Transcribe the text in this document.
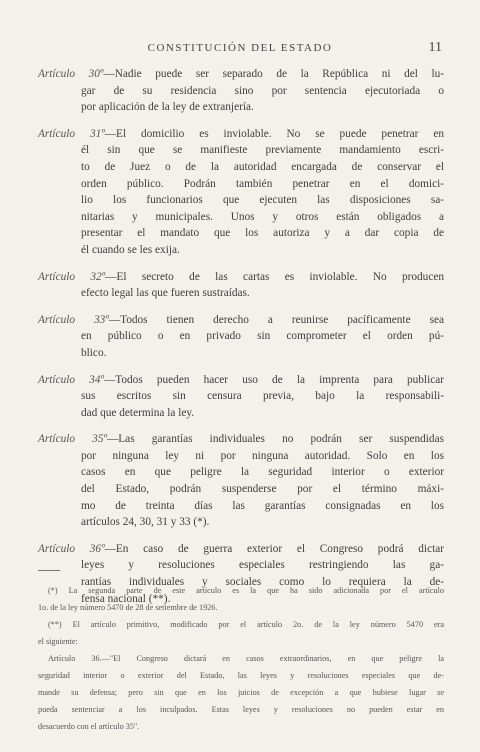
CONSTITUCIÓN DEL ESTADO	11

Artículo 30º—Nadie puede ser separado de la República ni del lu-
gar de su residencia sino por sentencia ejecutoriada o
por aplicación de la ley de extranjería.

Artículo 31º—El domicilio es inviolable. No se puede penetrar en
él sin que se manifieste previamente mandamiento escri-
to de Juez o de la autoridad encargada de conservar el
orden público. Podrán también penetrar en el domici-
lio los funcionarios que ejecuten las disposiciones sa-
nitarias y municipales. Unos y otros están obligados a
presentar el mandato que los autoriza y a dar copia de
él cuando se les exija.

Artículo 32º—El secreto de las cartas es inviolable. No producen
efecto legal las que fueren sustraídas.

Artículo 33º—Todos tienen derecho a reunirse pacíficamente sea
en público o en privado sin comprometer el orden pú-
blico.

Artículo 34º—Todos pueden hacer uso de la imprenta para publicar
sus escritos sin censura previa, bajo la responsabili-
dad que determina la ley.

Artículo 35º—Las garantías individuales no podrán ser suspendidas
por ninguna ley ni por ninguna autoridad. Solo en los
casos en que peligre la seguridad interior o exterior
del Estado, podrán suspenderse por el término máxi-
mo de treinta días las garantías consignadas en los
artículos 24, 30, 31 y 33 (*).

Artículo 36º—En caso de guerra exterior el Congreso podrá dictar
leyes y resoluciones especiales restringiendo las ga-
rantías individuales y sociales como lo requiera la de-
fensa nacional (**).

(*) La segunda parte de este artículo es la que ha sido adicionada por el artículo
1o. de la ley número 5470 de 28 de setiembre de 1926.
(**) El artículo primitivo, modificado por el artículo 2o. de la ley número 5470 era
el siguiente:
Artículo 36.—"El Congreso dictará en casos extraordinarios, en que peligre la
seguridad interior o exterior del Estado, las leyes y resoluciones especiales que de-
mande su defensa; pero sin que en los juicios de excepción a que hubiese lugar se
pueda sentenciar a los inculpados. Estas leyes y resoluciones no pueden estar en
desacuerdo con el artículo 35".
